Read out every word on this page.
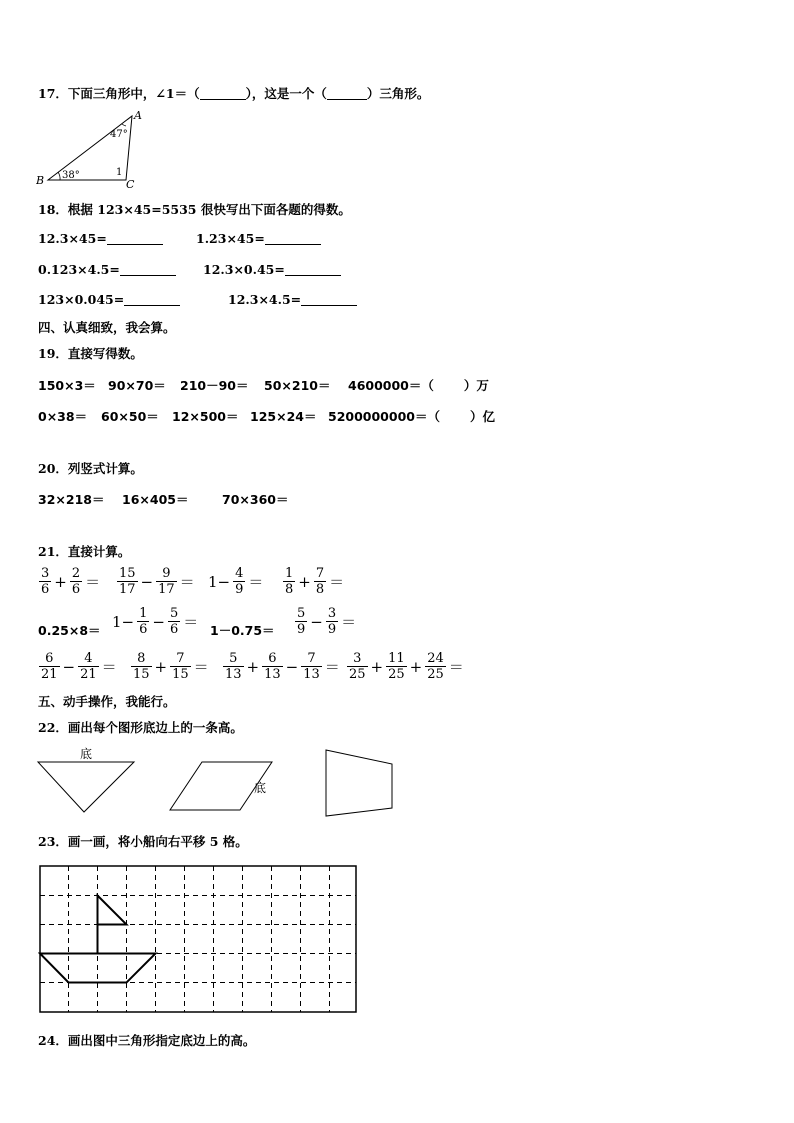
17．下面三角形中，∠1＝（	），这是一个（	）三角形。
A
B	C
47°
38°	1
18．根据 123×45=5535 很快写出下面各题的得数。
12.3×45=	1.23×45=
0.123×4.5=	12.3×0.45=
123×0.045=	12.3×4.5=
四、认真细致，我会算。
19．直接写得数。
150×3＝ 90×70＝ 210－90＝ 50×210＝ 4600000＝（ ）万
0×38＝ 60×50＝ 12×500＝ 125×24＝ 5200000000＝（ ）亿
20．列竖式计算。
32×218＝ 16×405＝	70×360＝
21．直接计算。
$\frac{3}{6} + \frac{2}{6} = \frac{15}{17} - \frac{9}{17} = 1- \frac{4}{9} = \frac{1}{8} + \frac{7}{8}$ ＝
$0.25\times 8= 1- \frac{1}{6} - \frac{5}{6} = 1-0.75= \frac{5}{9} - \frac{3}{9}$ ＝
$\frac{6}{21} - \frac{4}{21} = \frac{8}{15} + \frac{7}{15} = \frac{5}{13} + \frac{6}{13} - \frac{7}{13} = \frac{3}{25} + \frac{11}{25} + \frac{24}{25}$ ＝
五、动手操作，我能行。
22．画出每个图形底边上的一条高。
底
底
23．画一画，将小船向右平移 5 格。
24．画出图中三角形指定底边上的高。
